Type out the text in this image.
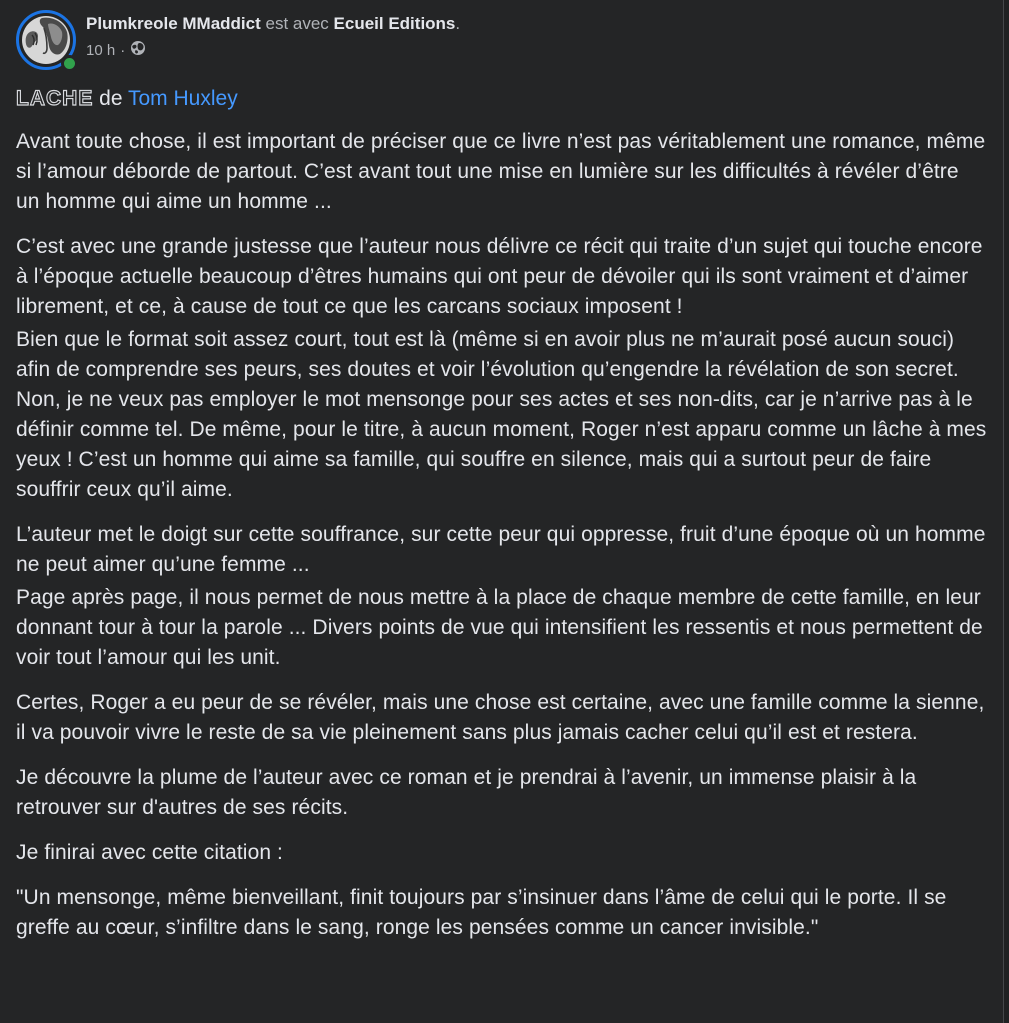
Plumkreole MMaddict est avec Ecueil Editions.
10 h ·
LACHE de Tom Huxley
Avant toute chose, il est important de préciser que ce livre n’est pas véritablement une romance, même si l’amour déborde de partout. C’est avant tout une mise en lumière sur les difficultés à révéler d’être un homme qui aime un homme ...
C’est avec une grande justesse que l’auteur nous délivre ce récit qui traite d’un sujet qui touche encore à l’époque actuelle beaucoup d’êtres humains qui ont peur de dévoiler qui ils sont vraiment et d’aimer librement, et ce, à cause de tout ce que les carcans sociaux imposent !
Bien que le format soit assez court, tout est là (même si en avoir plus ne m’aurait posé aucun souci) afin de comprendre ses peurs, ses doutes et voir l’évolution qu’engendre la révélation de son secret. Non, je ne veux pas employer le mot mensonge pour ses actes et ses non-dits, car je n’arrive pas à le définir comme tel. De même, pour le titre, à aucun moment, Roger n’est apparu comme un lâche à mes yeux ! C’est un homme qui aime sa famille, qui souffre en silence, mais qui a surtout peur de faire souffrir ceux qu’il aime.
L’auteur met le doigt sur cette souffrance, sur cette peur qui oppresse, fruit d’une époque où un homme ne peut aimer qu’une femme ...
Page après page, il nous permet de nous mettre à la place de chaque membre de cette famille, en leur donnant tour à tour la parole ... Divers points de vue qui intensifient les ressentis et nous permettent de voir tout l’amour qui les unit.
Certes, Roger a eu peur de se révéler, mais une chose est certaine, avec une famille comme la sienne, il va pouvoir vivre le reste de sa vie pleinement sans plus jamais cacher celui qu’il est et restera.
Je découvre la plume de l’auteur avec ce roman et je prendrai à l’avenir, un immense plaisir à la retrouver sur d'autres de ses récits.
Je finirai avec cette citation :
"Un mensonge, même bienveillant, finit toujours par s’insinuer dans l’âme de celui qui le porte. Il se greffe au cœur, s’infiltre dans le sang, ronge les pensées comme un cancer invisible."
